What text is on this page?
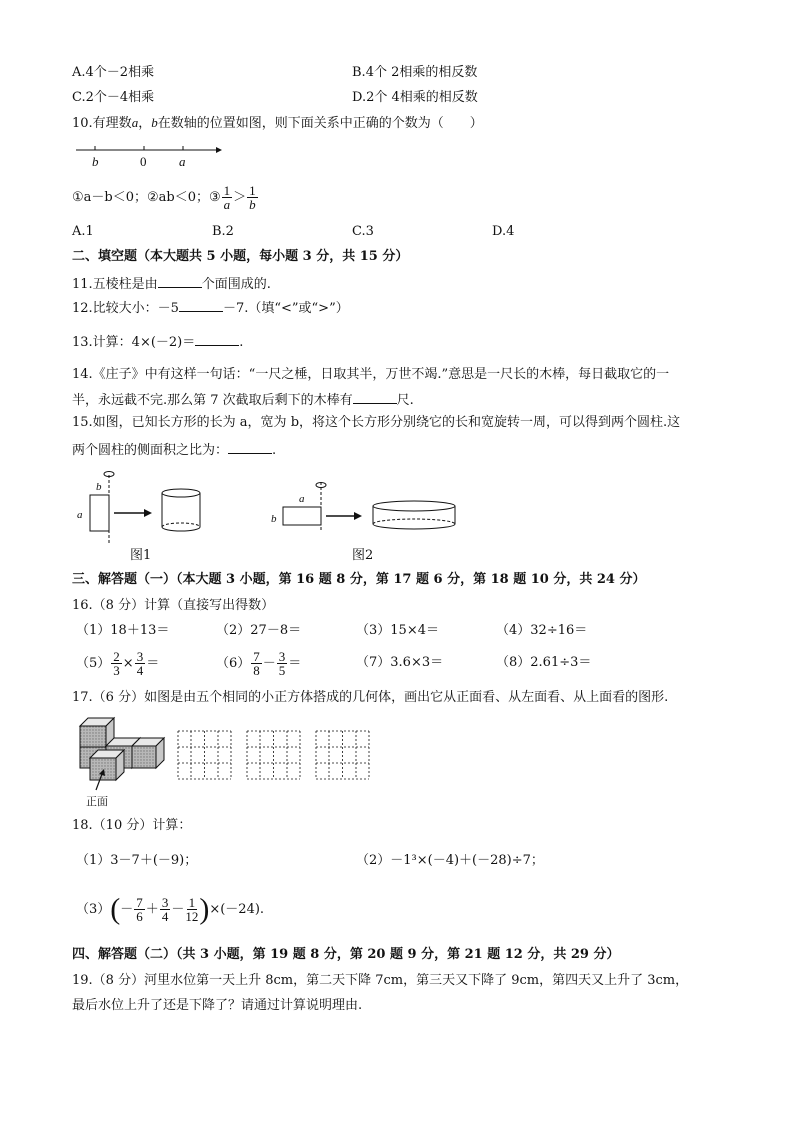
A.4个－2相乘	B.4个 2相乘的相反数
C.2个－4相乘	D.2个 4相乘的相反数
10.有理数a，b在数轴的位置如图，则下面关系中正确的个数为（　　）
b	0	a
①a－b＜0；②ab＜0；③ $\frac{1}{a} > \frac{1}{b}$
A.1	B.2	C.3	D.4
二、填空题（本大题共 5 小题，每小题 3 分，共 15 分）
11.五棱柱是由	个面围成的.
12.比较大小：－5	－7.（填“<”或“>”）
13.计算：4×(－2)＝	.
14.《庄子》中有这样一句话：“一尺之棰，日取其半，万世不竭.”意思是一尺长的木棒，每日截取它的一
半，永远截不完.那么第 7 次截取后剩下的木棒有	尺.
15.如图，已知长方形的长为 a，宽为 b，将这个长方形分别绕它的长和宽旋转一周，可以得到两个圆柱.这
两个圆柱的侧面积之比为：	.
b
a
图1
a
b
图2
三、解答题（一）（本大题 3 小题，第 16 题 8 分，第 17 题 6 分，第 18 题 10 分，共 24 分）
16.（8 分）计算（直接写出得数）
（1）18＋13＝	（2）27－8＝	（3）15×4＝	（4）32÷16＝
$(5) \frac{2}{3} \times \frac{3}{4}$ ＝	$(6) \frac{7}{8} - \frac{3}{5}$ ＝	（7）3.6×3＝	（8）2.61÷3＝
17.（6 分）如图是由五个相同的小正方体搭成的几何体，画出它从正面看、从左面看、从上面看的图形.
正面
18.（10 分）计算：
（1）3－7＋(－9)；	（2）－1³×(－4)＋(－28)÷7；
$(3)(- \frac{7}{6} + \frac{3}{4} - \frac{1}{12} )\times(-24)$.
四、解答题（二）（共 3 小题，第 19 题 8 分，第 20 题 9 分，第 21 题 12 分，共 29 分）
19.（8 分）河里水位第一天上升 8cm，第二天下降 7cm，第三天又下降了 9cm，第四天又上升了 3cm，
最后水位上升了还是下降了？请通过计算说明理由.
